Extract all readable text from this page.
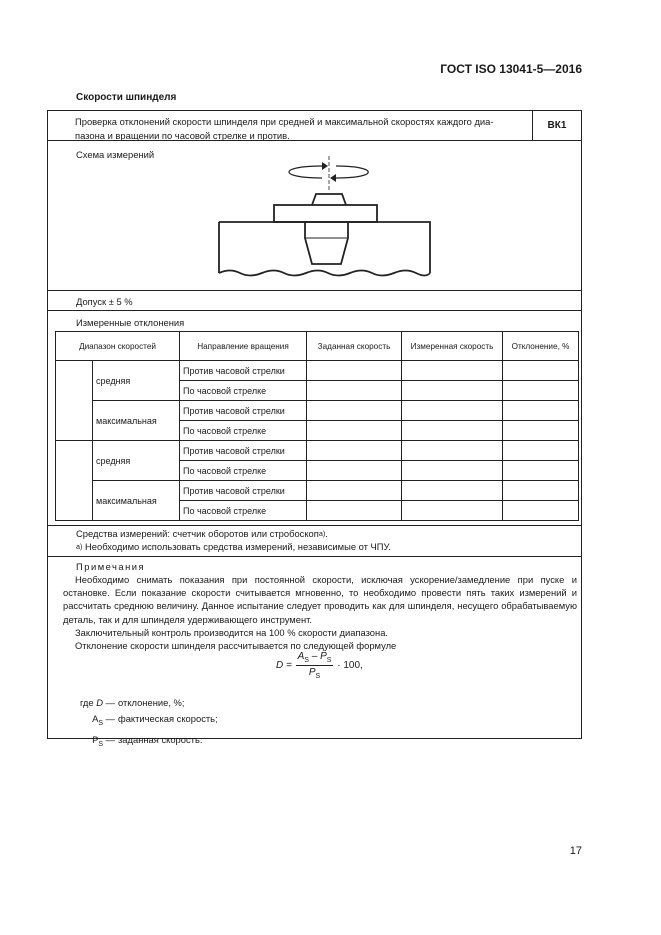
ГОСТ ISO 13041-5—2016
Скорости шпинделя
Проверка отклонений скорости шпинделя при средней и максимальной скоростях каждого диа-
пазона и вращении по часовой стрелке и против.
ВК1
Схема измерений
Допуск ± 5 %
Измеренные отклонения
Диапазон скоростей		Направление вращения	Заданная скорость	Измеренная скорость	Отклонение, %
	средняя	Против часовой стрелки			
		По часовой стрелке			
	максимальная	Против часовой стрелки			
		По часовой стрелке			
	средняя	Против часовой стрелки			
		По часовой стрелке			
	максимальная	Против часовой стрелки			
		По часовой стрелке			
Средства измерений: счетчик оборотов или стробоскоп$^{а)}$.
$^{а)}$ Необходимо использовать средства измерений, независимые от ЧПУ.
Примечания

Необходимо снимать показания при постоянной скорости, исключая ускорение/замедление при пуске и остановке. Если показание скорости считывается мгновенно, то необходимо провести пять таких измерений и рассчитать среднюю величину. Данное испытание следует проводить как для шпинделя, несущего обрабатываемую деталь, так и для шпинделя удерживающего инструмент.

Заключительный контроль производится на 100 % скорости диапазона.

Отклонение скорости шпинделя рассчитывается по следующей формуле

$D = \frac{A_S - P_S}{P_S} \cdot 100$,
где D — отклонение, %;
$A_S$ — фактическая скорость;
$P_S$ — заданная скорость.
17
